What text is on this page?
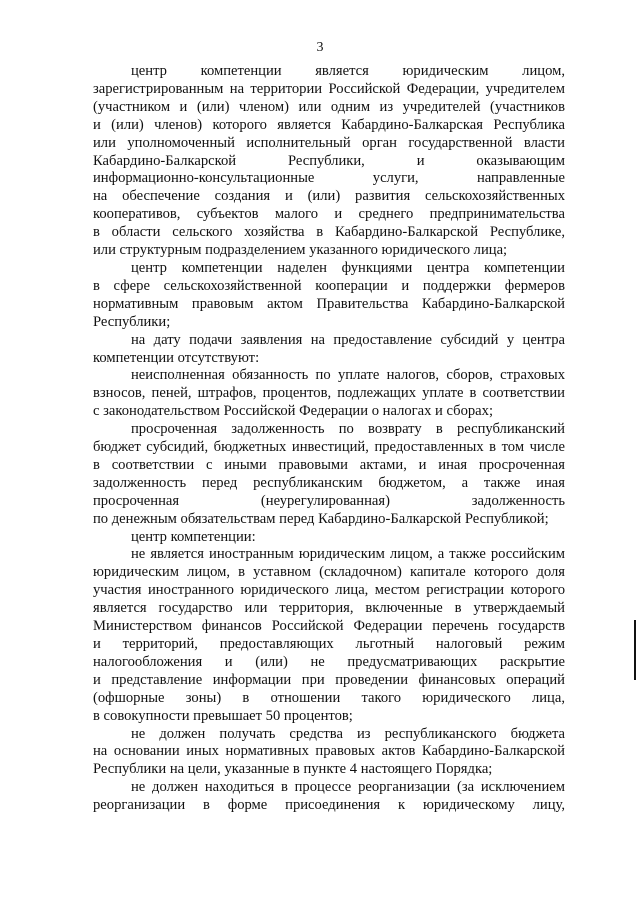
3

центр компетенции является юридическим лицом,

зарегистрированным на территории Российской Федерации, учредителем

(участником и (или) членом) или одним из учредителей (участников

и (или) членов) которого является Кабардино-Балкарская Республика

или уполномоченный исполнительный орган государственной власти

Кабардино-Балкарской Республики, и оказывающим

информационно-консультационные услуги, направленные

на обеспечение создания и (или) развития сельскохозяйственных

кооперативов, субъектов малого и среднего предпринимательства

в области сельского хозяйства в Кабардино-Балкарской Республике,

или структурным подразделением указанного юридического лица;

центр компетенции наделен функциями центра компетенции

в сфере сельскохозяйственной кооперации и поддержки фермеров

нормативным правовым актом Правительства Кабардино-Балкарской

Республики;

на дату подачи заявления на предоставление субсидий у центра

компетенции отсутствуют:

неисполненная обязанность по уплате налогов, сборов, страховых

взносов, пеней, штрафов, процентов, подлежащих уплате в соответствии

с законодательством Российской Федерации о налогах и сборах;

просроченная задолженность по возврату в республиканский

бюджет субсидий, бюджетных инвестиций, предоставленных в том числе

в соответствии с иными правовыми актами, и иная просроченная

задолженность перед республиканским бюджетом, а также иная

просроченная (неурегулированная) задолженность

по денежным обязательствам перед Кабардино-Балкарской Республикой;

центр компетенции:

не является иностранным юридическим лицом, а также российским

юридическим лицом, в уставном (складочном) капитале которого доля

участия иностранного юридического лица, местом регистрации которого

является государство или территория, включенные в утверждаемый

Министерством финансов Российской Федерации перечень государств

и территорий, предоставляющих льготный налоговый режим

налогообложения и (или) не предусматривающих раскрытие

и представление информации при проведении финансовых операций

(офшорные зоны) в отношении такого юридического лица,

в совокупности превышает 50 процентов;

не должен получать средства из республиканского бюджета

на основании иных нормативных правовых актов Кабардино-Балкарской

Республики на цели, указанные в пункте 4 настоящего Порядка;

не должен находиться в процессе реорганизации (за исключением

реорганизации в форме присоединения к юридическому лицу,
